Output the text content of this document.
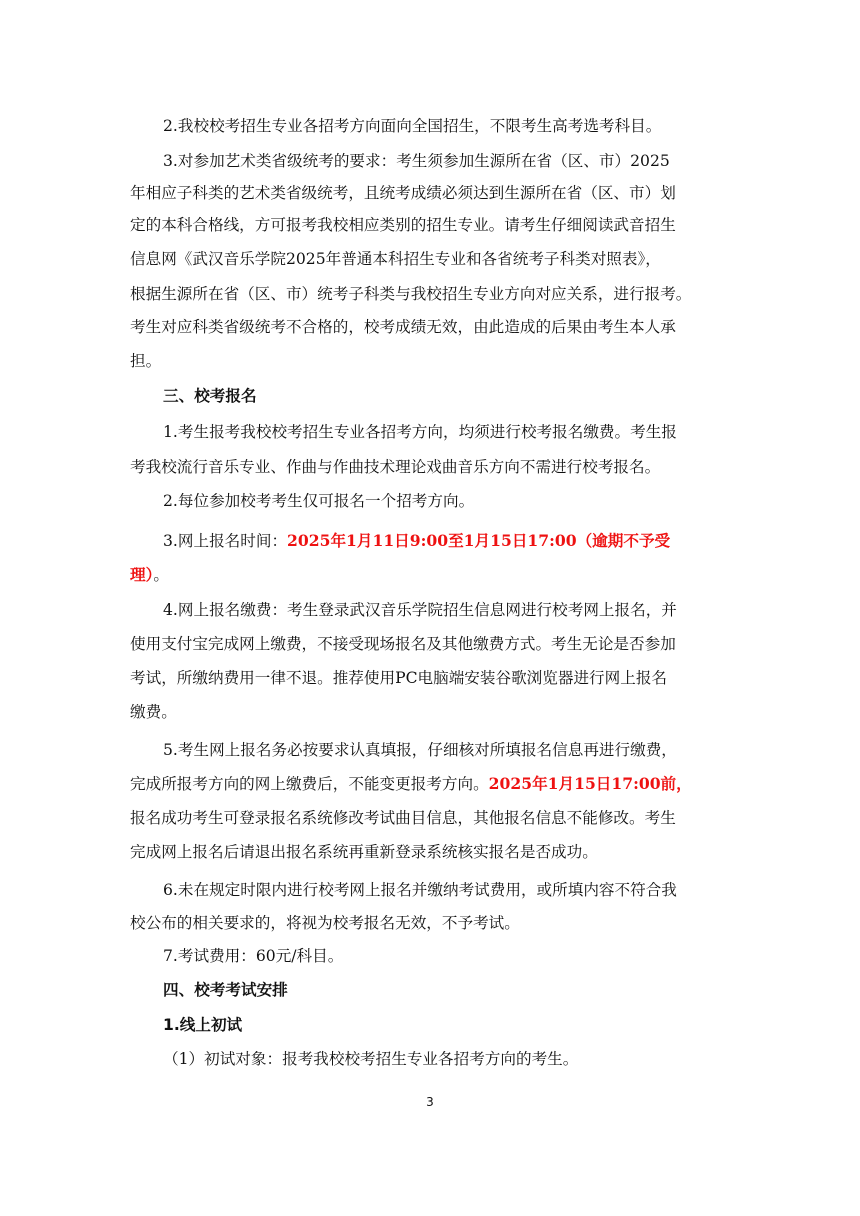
2.我校校考招生专业各招考方向面向全国招生，不限考生高考选考科目。
3.对参加艺术类省级统考的要求：考生须参加生源所在省（区、市）2025
年相应子科类的艺术类省级统考，且统考成绩必须达到生源所在省（区、市）划
定的本科合格线，方可报考我校相应类别的招生专业。请考生仔细阅读武音招生
信息网《武汉音乐学院2025年普通本科招生专业和各省统考子科类对照表》，
根据生源所在省（区、市）统考子科类与我校招生专业方向对应关系，进行报考。
考生对应科类省级统考不合格的，校考成绩无效，由此造成的后果由考生本人承
担。
三、校考报名
1.考生报考我校校考招生专业各招考方向，均须进行校考报名缴费。考生报
考我校流行音乐专业、作曲与作曲技术理论戏曲音乐方向不需进行校考报名。
2.每位参加校考考生仅可报名一个招考方向。
3.网上报名时间：2025年1月11日9:00至1月15日17:00（逾期不予受
理）。
4.网上报名缴费：考生登录武汉音乐学院招生信息网进行校考网上报名，并
使用支付宝完成网上缴费，不接受现场报名及其他缴费方式。考生无论是否参加
考试，所缴纳费用一律不退。推荐使用PC电脑端安装谷歌浏览器进行网上报名
缴费。
5.考生网上报名务必按要求认真填报，仔细核对所填报名信息再进行缴费，
完成所报考方向的网上缴费后，不能变更报考方向。2025年1月15日17:00前，
报名成功考生可登录报名系统修改考试曲目信息，其他报名信息不能修改。考生
完成网上报名后请退出报名系统再重新登录系统核实报名是否成功。
6.未在规定时限内进行校考网上报名并缴纳考试费用，或所填内容不符合我
校公布的相关要求的，将视为校考报名无效，不予考试。
7.考试费用：60元/科目。
四、校考考试安排
1.线上初试
（1）初试对象：报考我校校考招生专业各招考方向的考生。
3
